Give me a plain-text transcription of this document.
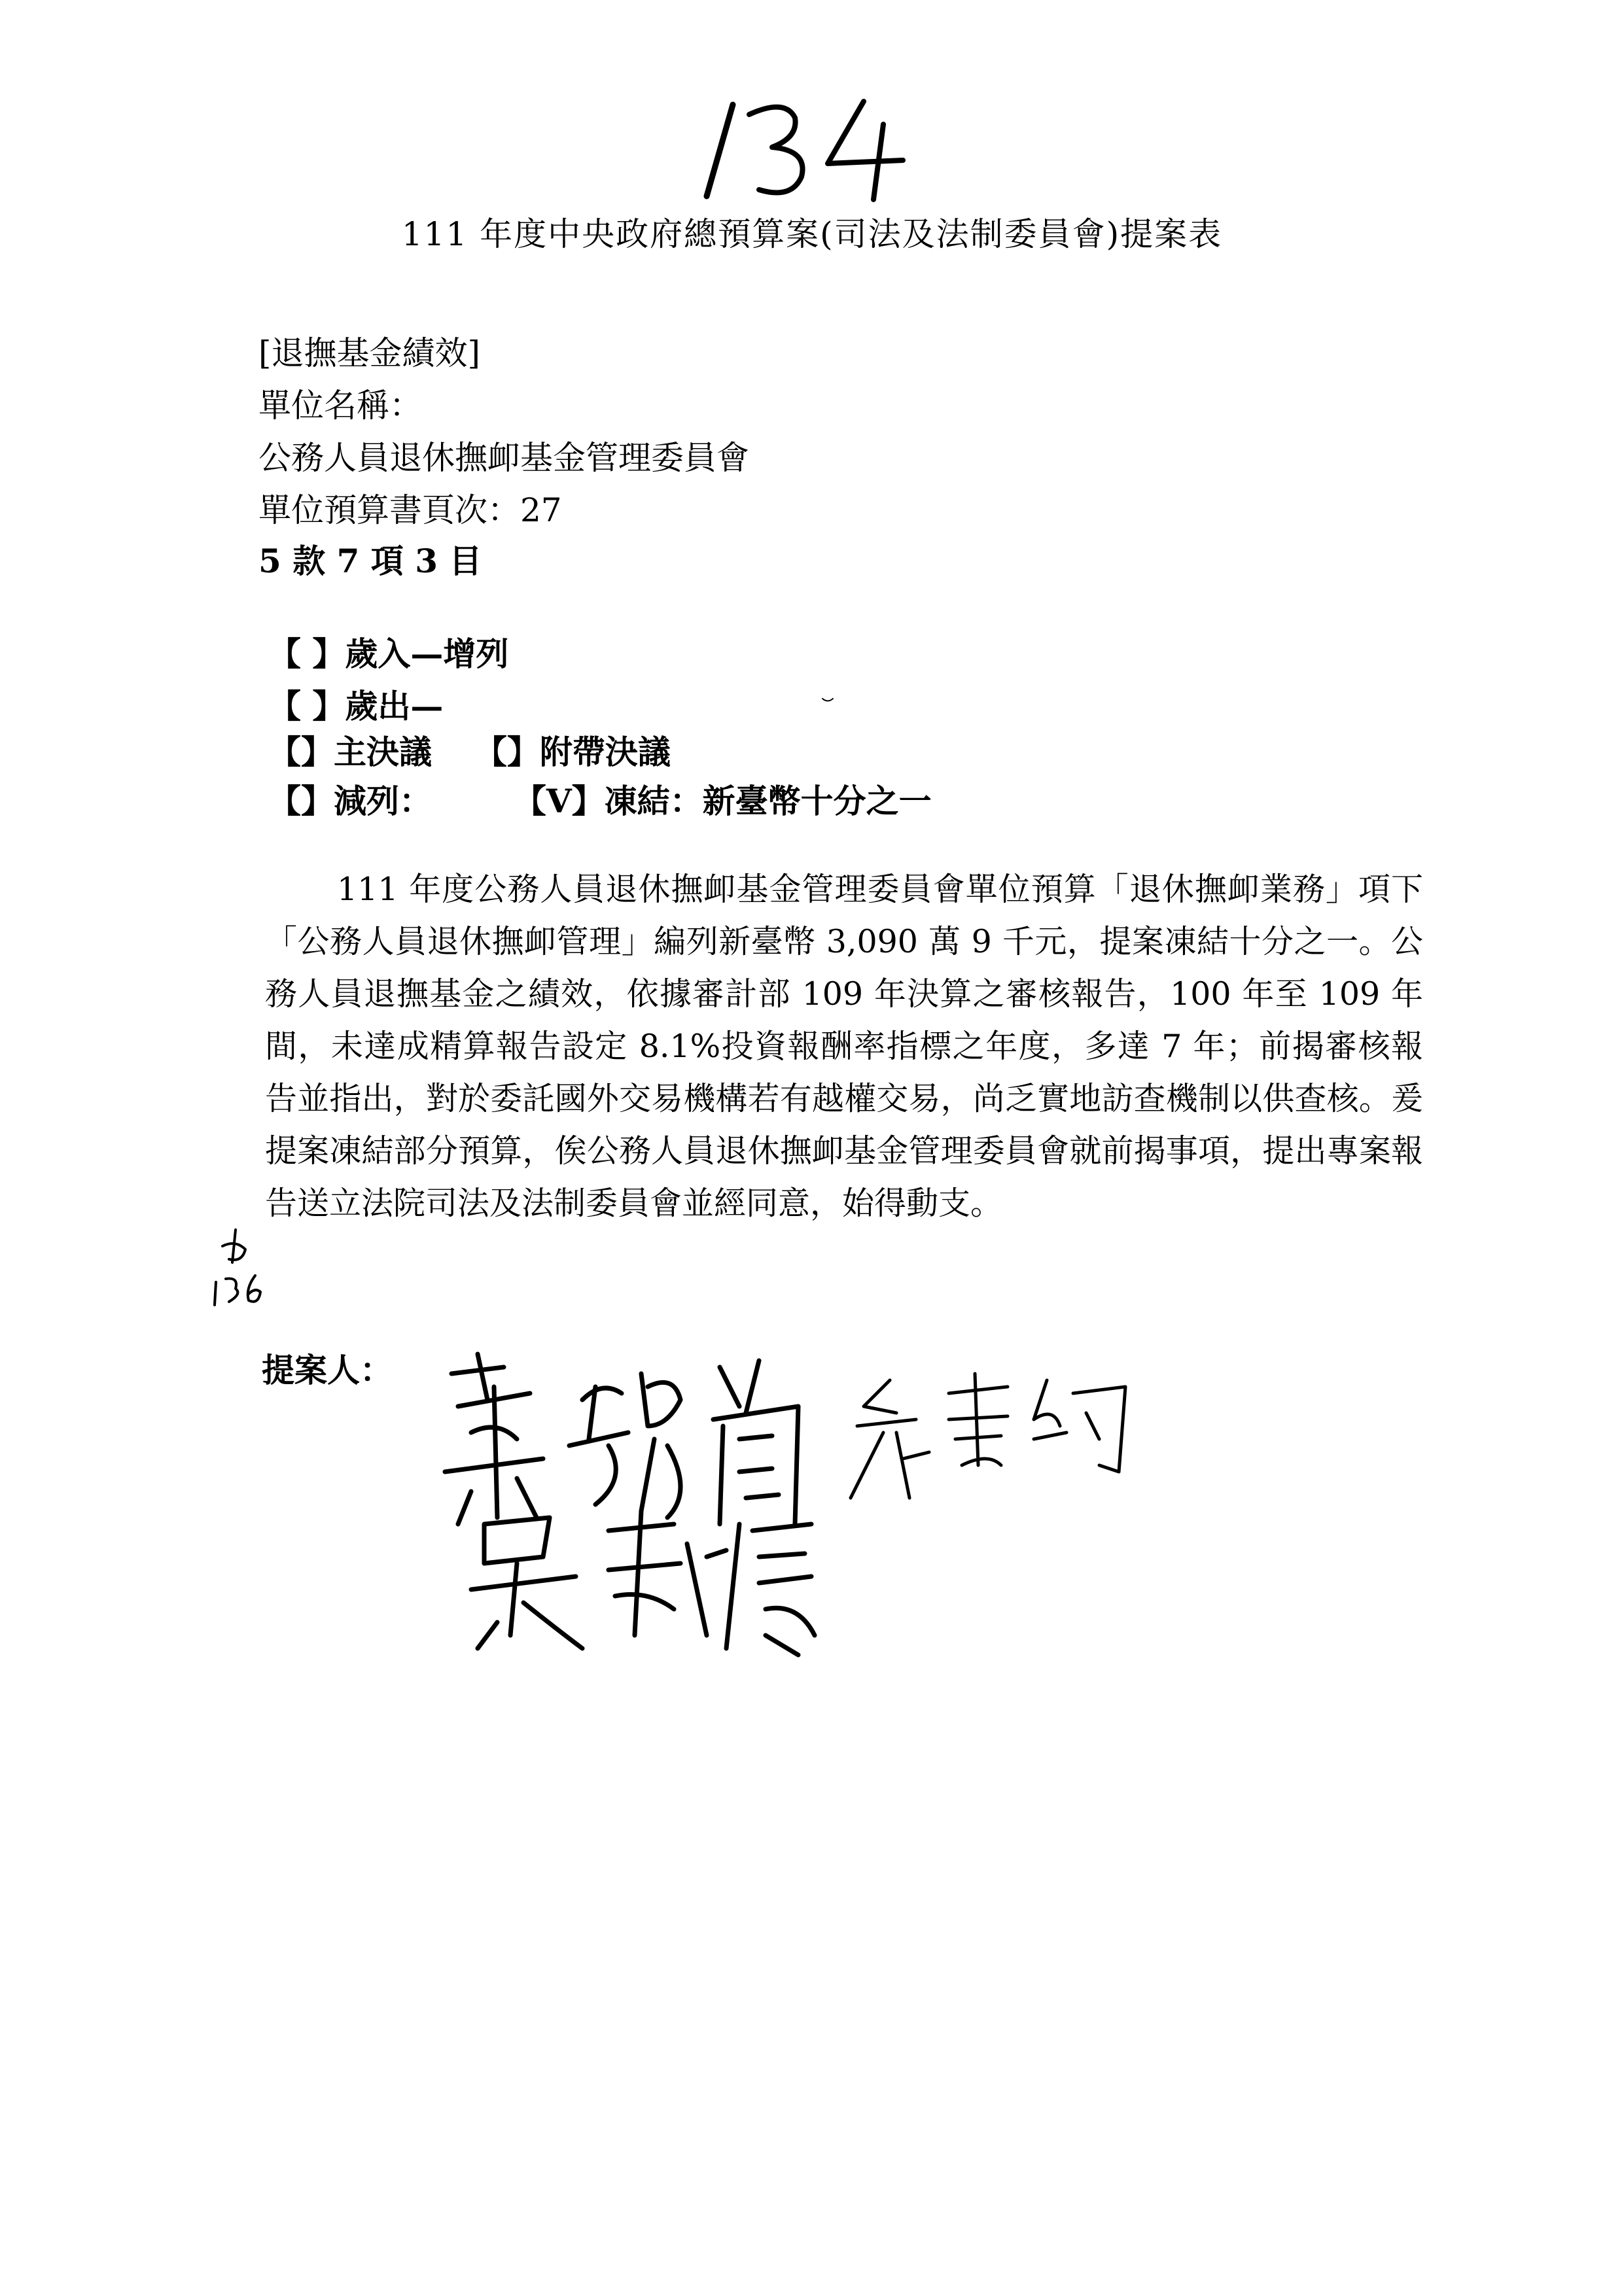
111 年度中央政府總預算案(司法及法制委員會)提案表
[退撫基金績效]
單位名稱：
公務人員退休撫卹基金管理委員會
單位預算書頁次：27
5 款 7 項 3 目
【 】歲入—增列
【 】歲出—
【】主決議 【】附帶決議
【】減列： 【V】凍結：新臺幣十分之一

111 年度公務人員退休撫卹基金管理委員會單位預算「退休撫卹業務」項下「公務人員退休撫卹管理」編列新臺幣 3,090 萬 9 千元，提案凍結十分之一。公務人員退撫基金之績效，依據審計部 109 年決算之審核報告，100 年至 109 年間，未達成精算報告設定 8.1%投資報酬率指標之年度，多達 7 年；前揭審核報告並指出，對於委託國外交易機構若有越權交易，尚乏實地訪查機制以供查核。爰提案凍結部分預算，俟公務人員退休撫卹基金管理委員會就前揭事項，提出專案報告送立法院司法及法制委員會並經同意，始得動支。

提案人：
